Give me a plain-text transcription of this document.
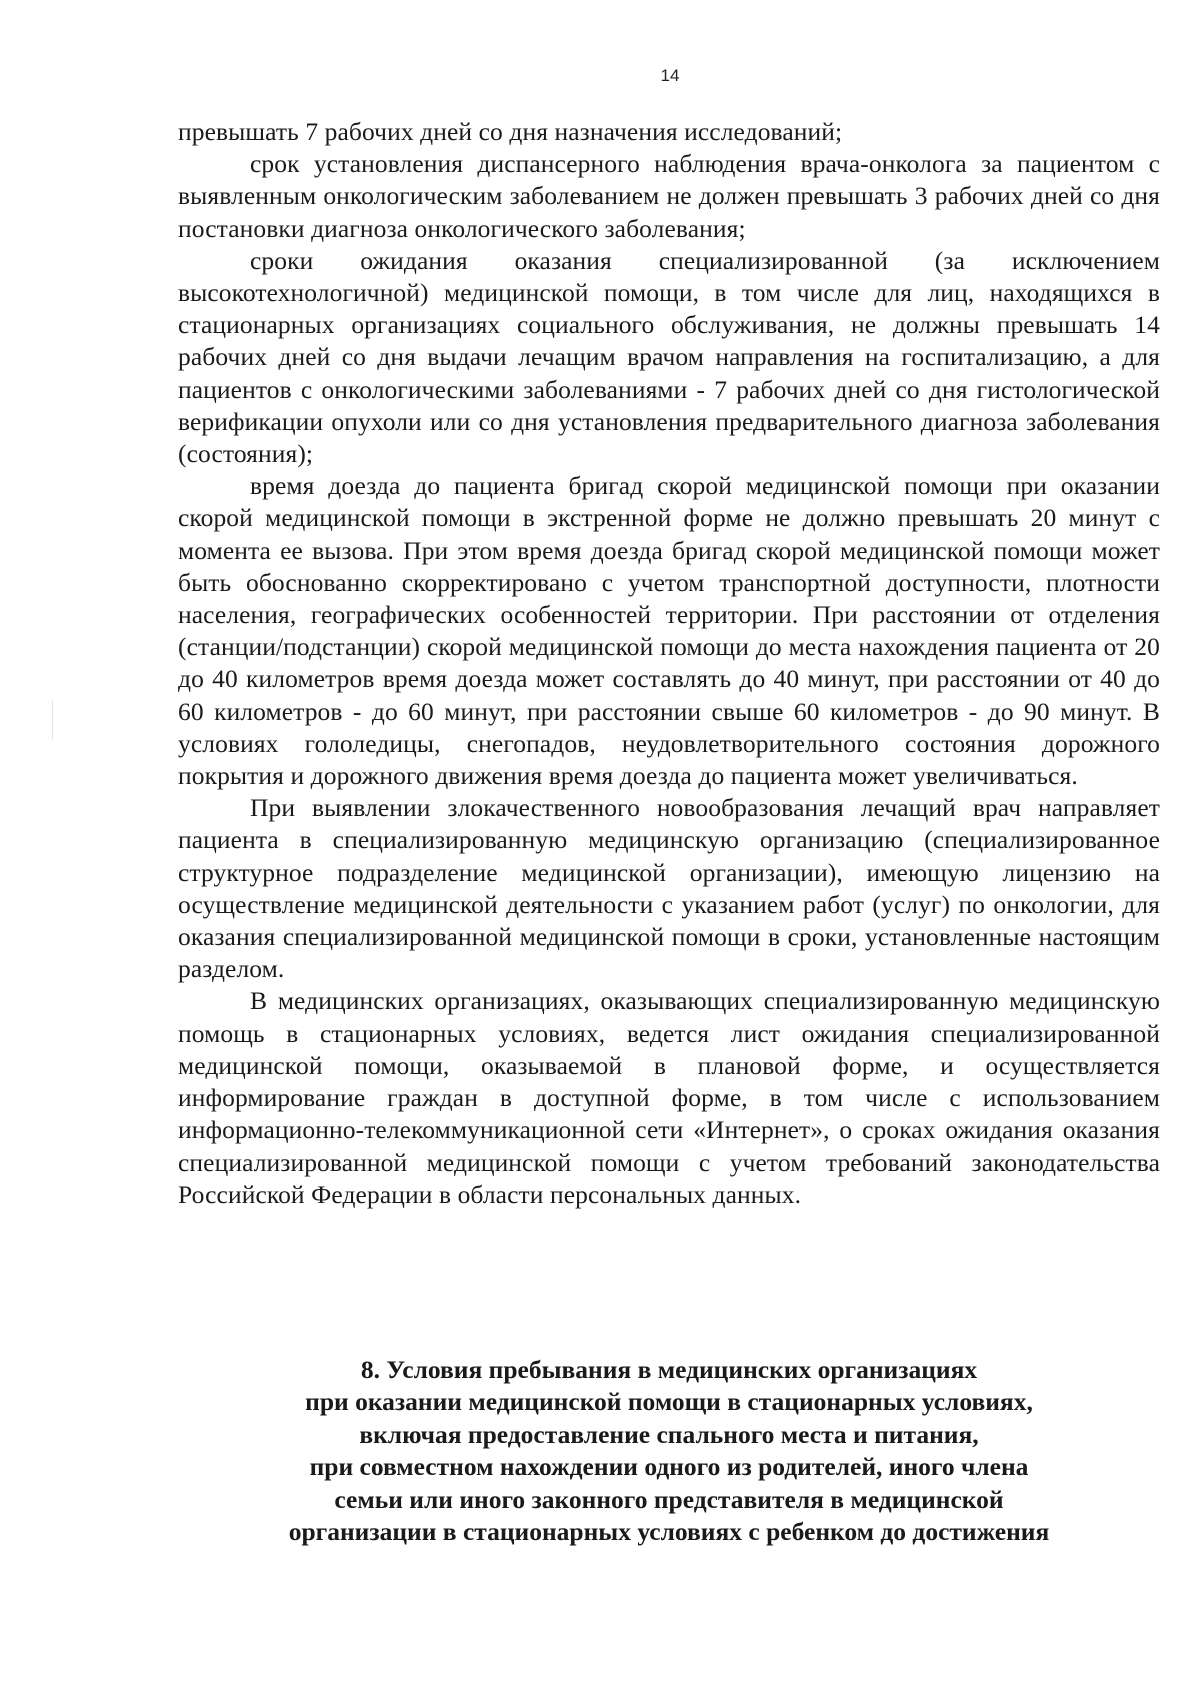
14

превышать 7 рабочих дней со дня назначения исследований;

срок установления диспансерного наблюдения врача-онколога за пациентом с выявленным онкологическим заболеванием не должен превышать 3 рабочих дней со дня постановки диагноза онкологического заболевания;

сроки ожидания оказания специализированной (за исключением высокотехнологичной) медицинской помощи, в том числе для лиц, находящихся в стационарных организациях социального обслуживания, не должны превышать 14 рабочих дней со дня выдачи лечащим врачом направления на госпитализацию, а для пациентов с онкологическими заболеваниями - 7 рабочих дней со дня гистологической верификации опухоли или со дня установления предварительного диагноза заболевания (состояния);

время доезда до пациента бригад скорой медицинской помощи при оказании скорой медицинской помощи в экстренной форме не должно превышать 20 минут с момента ее вызова. При этом время доезда бригад скорой медицинской помощи может быть обоснованно скорректировано с учетом транспортной доступности, плотности населения, географических особенностей территории. При расстоянии от отделения (станции/подстанции) скорой медицинской помощи до места нахождения пациента от 20 до 40 километров время доезда может составлять до 40 минут, при расстоянии от 40 до 60 километров - до 60 минут, при расстоянии свыше 60 километров - до 90 минут. В условиях гололедицы, снегопадов, неудовлетворительного состояния дорожного покрытия и дорожного движения время доезда до пациента может увеличиваться.

При выявлении злокачественного новообразования лечащий врач направляет пациента в специализированную медицинскую организацию (специализированное структурное подразделение медицинской организации), имеющую лицензию на осуществление медицинской деятельности с указанием работ (услуг) по онкологии, для оказания специализированной медицинской помощи в сроки, установленные настоящим разделом.

В медицинских организациях, оказывающих специализированную медицинскую помощь в стационарных условиях, ведется лист ожидания специализированной медицинской помощи, оказываемой в плановой форме, и осуществляется информирование граждан в доступной форме, в том числе с использованием информационно-телекоммуникационной сети «Интернет», о сроках ожидания оказания специализированной медицинской помощи с учетом требований законодательства Российской Федерации в области персональных данных.

8. Условия пребывания в медицинских организациях
при оказании медицинской помощи в стационарных условиях,
включая предоставление спального места и питания,
при совместном нахождении одного из родителей, иного члена
семьи или иного законного представителя в медицинской
организации в стационарных условиях с ребенком до достижения
